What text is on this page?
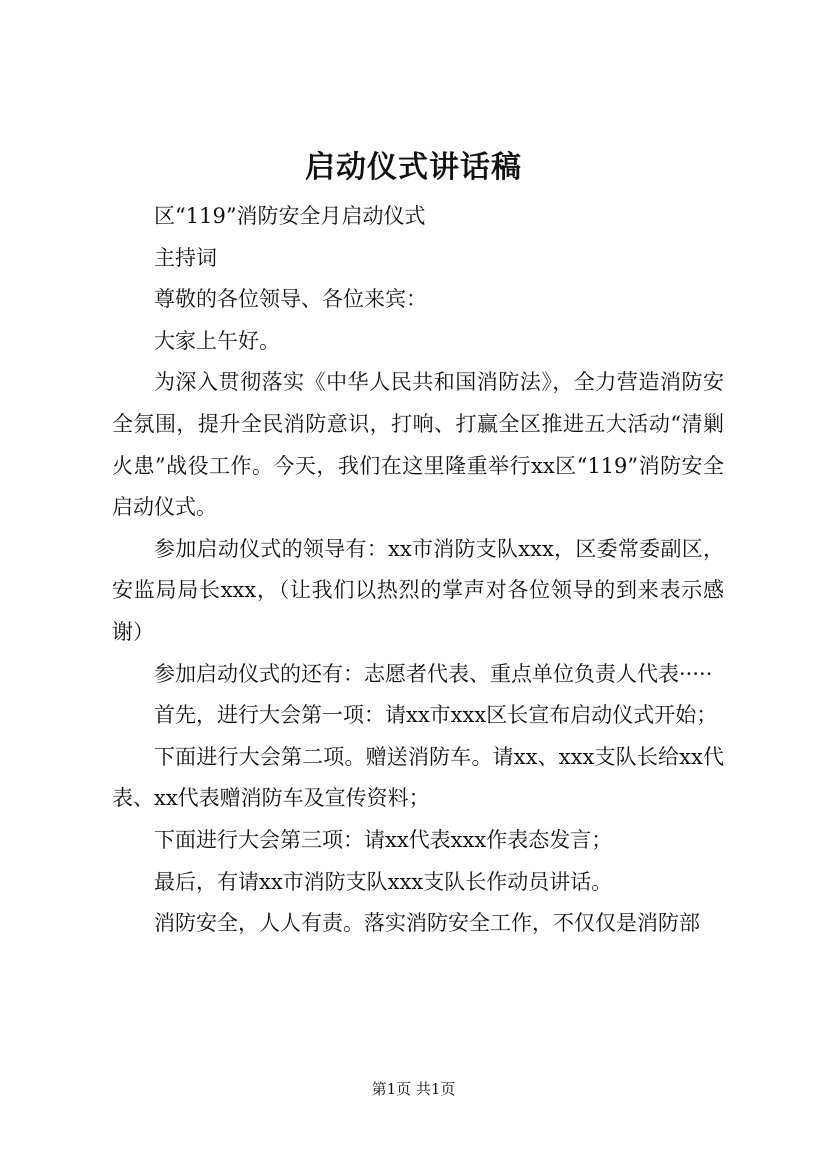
启动仪式讲话稿

区“119”消防安全月启动仪式

主持词

尊敬的各位领导、各位来宾：

大家上午好。

为深入贯彻落实《中华人民共和国消防法》，全力营造消防安全氛围，提升全民消防意识，打响、打赢全区推进五大活动“清剿火患”战役工作。今天，我们在这里隆重举行xx区“119”消防安全启动仪式。

参加启动仪式的领导有：xx市消防支队xxx，区委常委副区，安监局局长xxx，（让我们以热烈的掌声对各位领导的到来表示感谢）

参加启动仪式的还有：志愿者代表、重点单位负责人代表·····

首先，进行大会第一项：请xx市xxx区长宣布启动仪式开始；

下面进行大会第二项。赠送消防车。请xx、xxx支队长给xx代表、xx代表赠消防车及宣传资料；

下面进行大会第三项：请xx代表xxx作表态发言；

最后，有请xx市消防支队xxx支队长作动员讲话。

消防安全，人人有责。落实消防安全工作，不仅仅是消防部

第1页 共1页
